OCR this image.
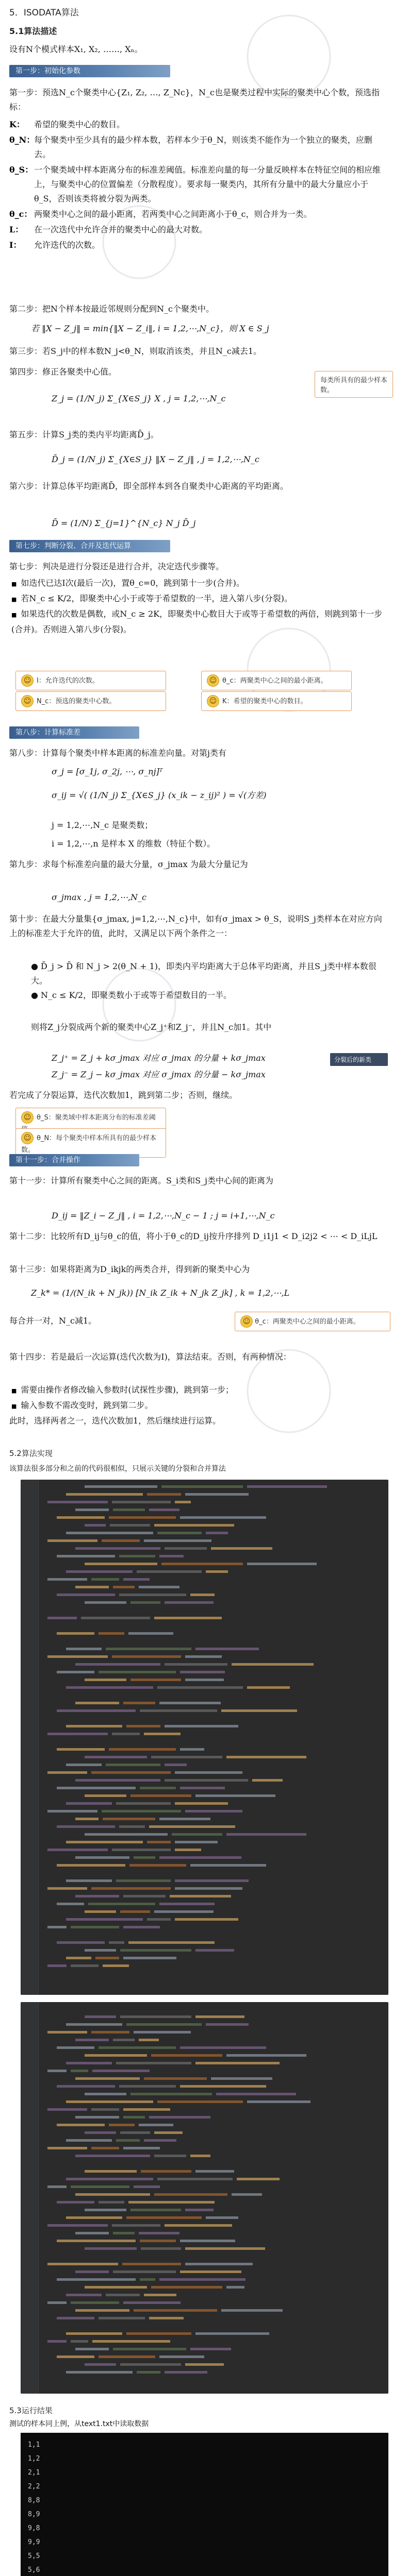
5．ISODATA算法
5.1算法描述
设有N个模式样本X₁, X₂, ……, Xₙ。
第一步：初始化参数
第一步：预选N_c个聚类中心{Z₁, Z₂, …, Z_Nc}，N_c也是聚类过程中实际的聚类中心个数，预选指标：
K：	希望的聚类中心的数目。
θ_N：
每个聚类中至少具有的最少样本数，若样本少于θ_N，则该类不能作为一个独立的聚类，应删去。
θ_S： 一个聚类域中样本距离分布的标准差阈值。标准差向量的每一分量反映样本在特征空间的相应维上，与聚类中心的位置偏差（分散程度）。要求每一聚类内，其所有分量中的最大分量应小于θ_S，否则该类将被分裂为两类。
θ_c： 两聚类中心之间的最小距离，若两类中心之间距离小于θ_c，则合并为一类。
L：	在一次迭代中允许合并的聚类中心的最大对数。
I：	允许迭代的次数。
第二步：把N个样本按最近邻规则分配到N_c个聚类中。
若 ‖X − Z_j‖ = min{‖X − Z_i‖, i = 1,2,⋯,N_c}，则 X ∈ S_j
第三步：若S_j中的样本数N_j<θ_N，则取消该类，并且N_c减去1。
第四步：修正各聚类中心值。
Z_j = (1/N_j) Σ_{X∈S_j} X , j = 1,2,⋯,N_c
每类所具有的最少样本数。
第五步：计算S_j类的类内平均距离D̄_j。
D̄_j = (1/N_j) Σ_{X∈S_j} ‖X − Z_j‖ , j = 1,2,⋯,N_c
第六步：计算总体平均距离D̄，即全部样本到各自聚类中心距离的平均距离。
D̄ = (1/N) Σ_{j=1}^{N_c} N_j D̄_j
第七步：判断分裂、合并及迭代运算
第七步：判决是进行分裂还是进行合并，决定迭代步骤等。
■ 如迭代已达I次(最后一次)，置θ_c=0，跳到第十一步(合并)。
■ 若N_c ≤ K/2，即聚类中心小于或等于希望数的一半，进入第八步(分裂)。
■ 如果迭代的次数是偶数，或N_c ≥ 2K，即聚类中心数目大于或等于希望数的两倍，则跳到第十一步(合并)。否则进入第八步(分裂)。
☺ I：允许迭代的次数。	☺ θ_c：两聚类中心之间的最小距离。
☺ N_c：预选的聚类中心数。	☺ K：希望的聚类中心的数目。
第八步：计算标准差
第八步：计算每个聚类中样本距离的标准差向量。对第j类有
σ_j = [σ_1j, σ_2j, ⋯, σ_nj]ᵀ
σ_ij = √( (1/N_j) Σ_{X∈S_j} (x_ik − z_ij)² ) = √(方差)
j = 1,2,⋯,N_c 是聚类数；
i = 1,2,⋯,n 是样本 X 的维数（特征个数）。
第九步：求每个标准差向量的最大分量，σ_jmax 为最大分量记为
σ_jmax , j = 1,2,⋯,N_c
第十步：在最大分量集{σ_jmax, j=1,2,⋯,N_c}中，如有σ_jmax > θ_S，说明S_j类样本在对应方向上的标准差大于允许的值，此时，又满足以下两个条件之一：
● D̄_j > D̄ 和 N_j > 2(θ_N + 1)，即类内平均距离大于总体平均距离，并且S_j类中样本数很大。
● N_c ≤ K/2，即聚类数小于或等于希望数目的一半。
则将Z_j分裂成两个新的聚类中心Z_j⁺和Z_j⁻，并且N_c加1。其中
Z_j⁺ = Z_j + kσ_jmax 对应 σ_jmax 的分量 + kσ_jmax
Z_j⁻ = Z_j − kσ_jmax 对应 σ_jmax 的分量 − kσ_jmax
分裂后的新类
若完成了分裂运算，迭代次数加1，跳到第二步；否则，继续。
☺ θ_S：聚类域中样本距离分布的标准差阈
☺ θ_N：每个聚类中样本所具有的最少样本数。
第十一步：合并操作
第十一步：计算所有聚类中心之间的距离。S_i类和S_j类中心间的距离为
D_ij = ‖Z_i − Z_j‖ , i = 1,2,⋯,N_c − 1 ; j = i+1,⋯,N_c
第十二步：比较所有D_ij与θ_c的值，将小于θ_c的D_ij按升序排列 D_i1j1 < D_i2j2 < ⋯ < D_iLjL
第十三步：如果将距离为D_ikjk的两类合并，得到新的聚类中心为
Z_k* = (1/(N_ik + N_jk)) [N_ik Z_ik + N_jk Z_jk] , k = 1,2,⋯,L
每合并一对，N_c减1。	☺ θ_c：两聚类中心之间的最小距离。
第十四步：若是最后一次运算(迭代次数为I)，算法结束。否则，有两种情况：
■ 需要由操作者修改输入参数时(试探性步骤)，跳到第一步；
■ 输入参数不需改变时，跳到第二步。
此时，选择两者之一，迭代次数加1，然后继续进行运算。
5.2算法实现
该算法很多部分和之前的代码很相似，只展示关键的分裂和合并算法
5.3运行结果
测试的样本同上例，从text1.txt中读取数据
1,1
1,2
2,1
2,2
8,8
8,9
9,8
9,9
5,5
5,6
